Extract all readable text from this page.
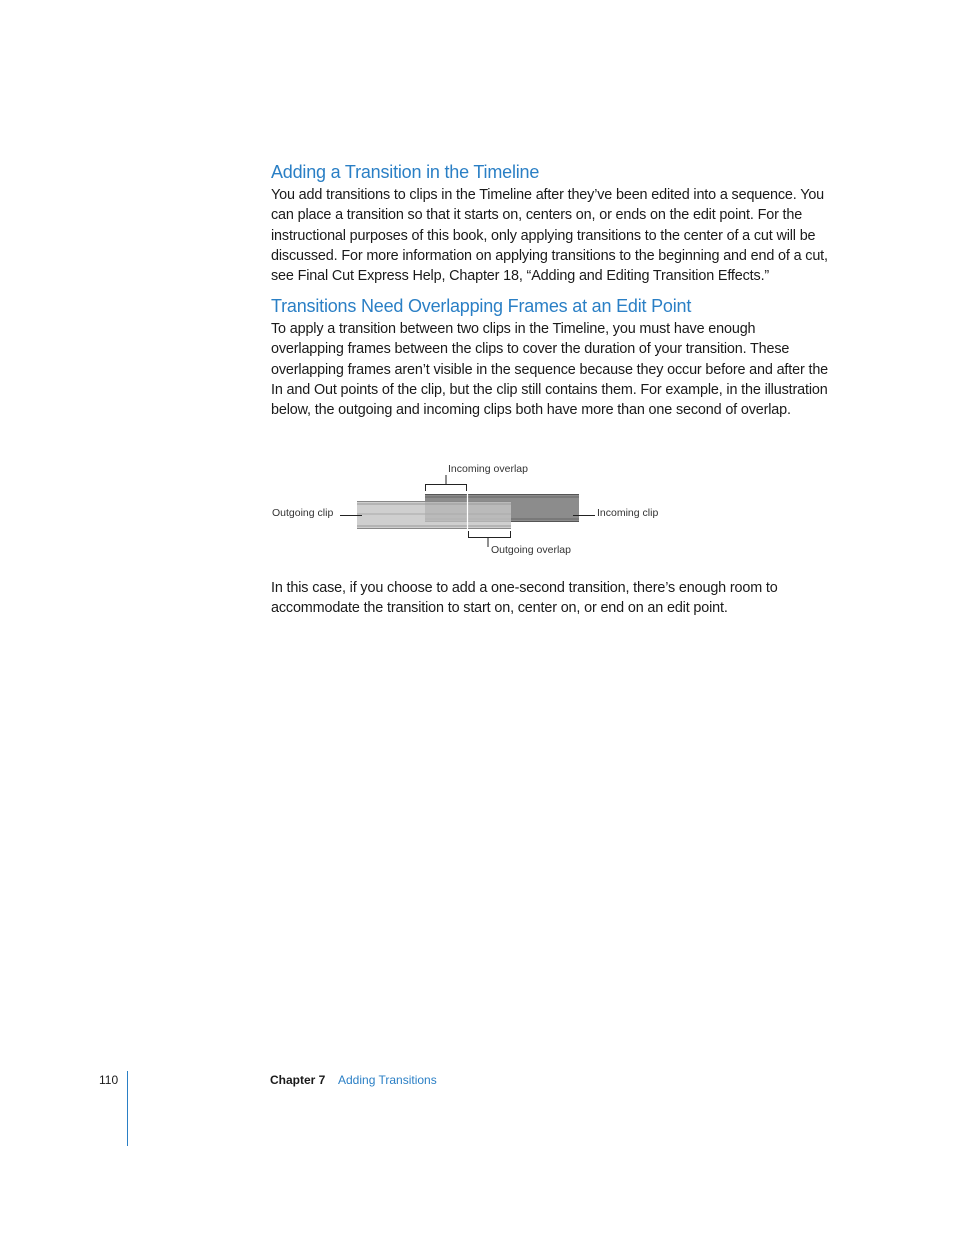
Adding a Transition in the Timeline

You add transitions to clips in the Timeline after they’ve been edited into a sequence. You can place a transition so that it starts on, centers on, or ends on the edit point. For the instructional purposes of this book, only applying transitions to the center of a cut will be discussed. For more information on applying transitions to the beginning and end of a cut, see Final Cut Express Help, Chapter 18, “Adding and Editing Transition Effects.”

Transitions Need Overlapping Frames at an Edit Point

To apply a transition between two clips in the Timeline, you must have enough overlapping frames between the clips to cover the duration of your transition. These overlapping frames aren’t visible in the sequence because they occur before and after the In and Out points of the clip, but the clip still contains them. For example, in the illustration below, the outgoing and incoming clips both have more than one second of overlap.

Incoming overlap
Outgoing clip	Incoming clip
Outgoing overlap

In this case, if you choose to add a one-second transition, there’s enough room to accommodate the transition to start on, center on, or end on an edit point.

110	Chapter 7 Adding Transitions
